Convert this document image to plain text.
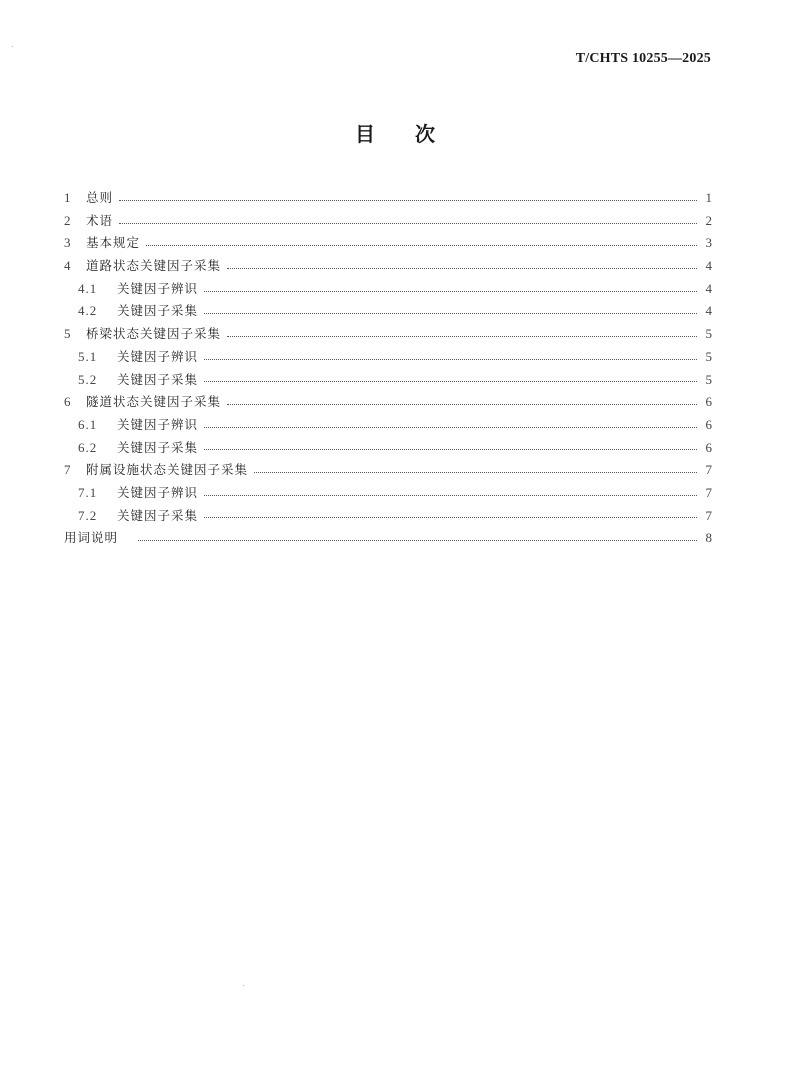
T/CHTS 10255—2025
目 次
1	总则	1
2	术语	2
3	基本规定	3
4	道路状态关键因子采集	4
4.1	关键因子辨识	4
4.2	关键因子采集	4
5	桥梁状态关键因子采集	5
5.1	关键因子辨识	5
5.2	关键因子采集	5
6	隧道状态关键因子采集	6
6.1	关键因子辨识	6
6.2	关键因子采集	6
7	附属设施状态关键因子采集	7
7.1	关键因子辨识	7
7.2	关键因子采集	7
用词说明	8
